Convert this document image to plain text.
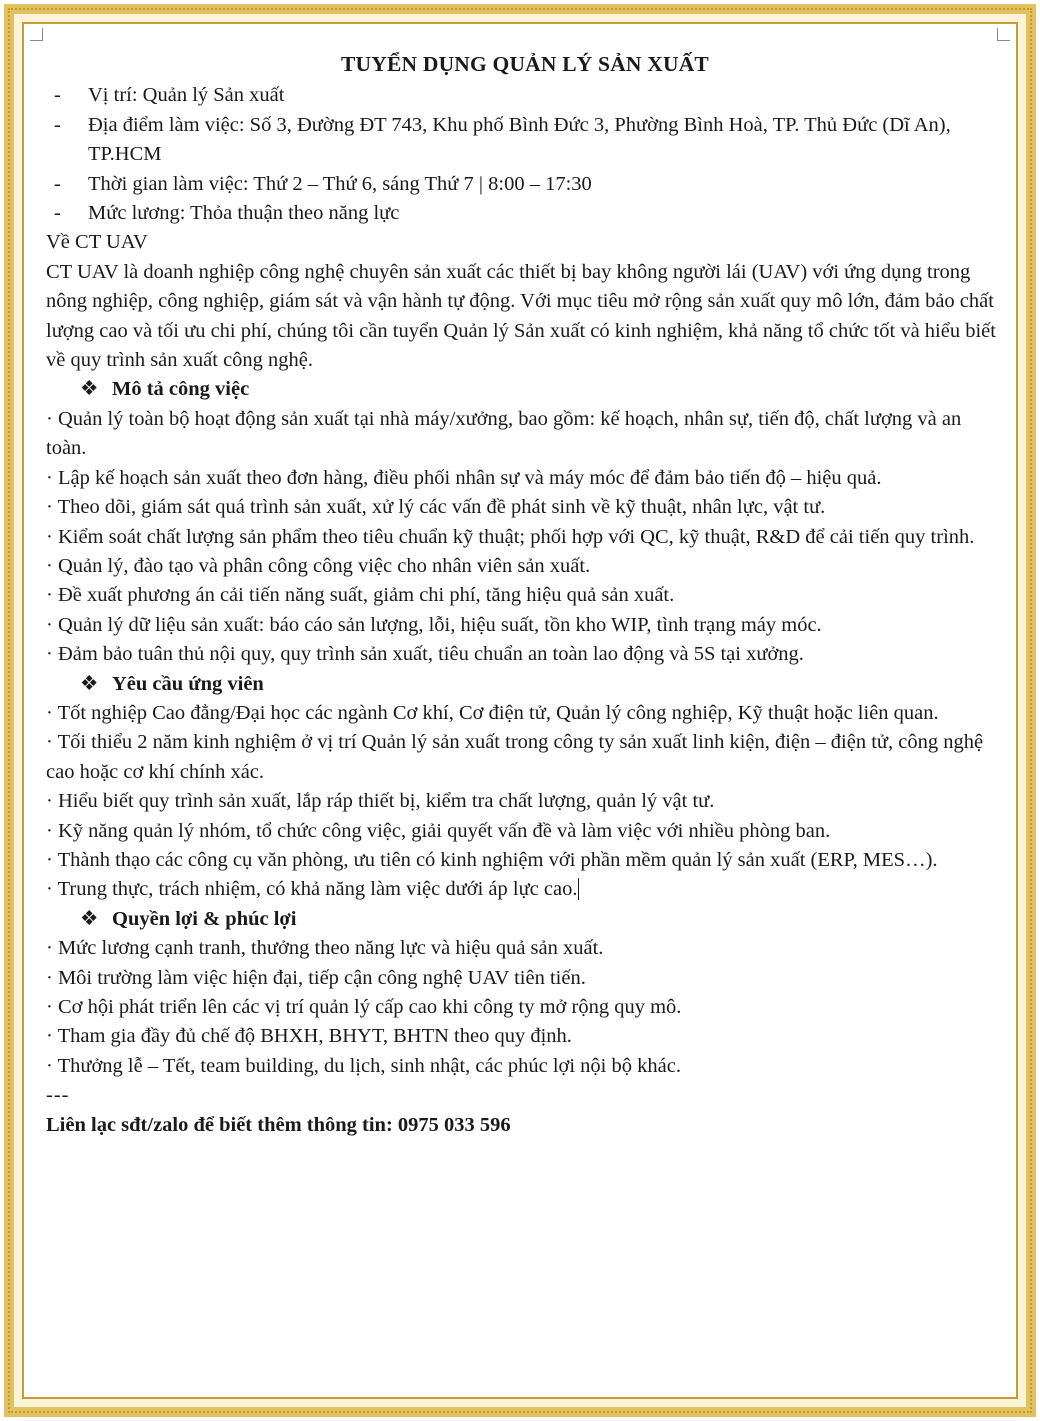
TUYỂN DỤNG QUẢN LÝ SẢN XUẤT

- Vị trí: Quản lý Sản xuất
- Địa điểm làm việc: Số 3, Đường ĐT 743, Khu phố Bình Đức 3, Phường Bình Hoà, TP. Thủ Đức (Dĩ An), TP.HCM
- Thời gian làm việc: Thứ 2 – Thứ 6, sáng Thứ 7 | 8:00 – 17:30
- Mức lương: Thỏa thuận theo năng lực

Về CT UAV

CT UAV là doanh nghiệp công nghệ chuyên sản xuất các thiết bị bay không người lái (UAV) với ứng dụng trong nông nghiệp, công nghiệp, giám sát và vận hành tự động. Với mục tiêu mở rộng sản xuất quy mô lớn, đảm bảo chất lượng cao và tối ưu chi phí, chúng tôi cần tuyển Quản lý Sản xuất có kinh nghiệm, khả năng tổ chức tốt và hiểu biết về quy trình sản xuất công nghệ.

❖ Mô tả công việc

· Quản lý toàn bộ hoạt động sản xuất tại nhà máy/xưởng, bao gồm: kế hoạch, nhân sự, tiến độ, chất lượng và an toàn.

· Lập kế hoạch sản xuất theo đơn hàng, điều phối nhân sự và máy móc để đảm bảo tiến độ – hiệu quả.

· Theo dõi, giám sát quá trình sản xuất, xử lý các vấn đề phát sinh về kỹ thuật, nhân lực, vật tư.

· Kiểm soát chất lượng sản phẩm theo tiêu chuẩn kỹ thuật; phối hợp với QC, kỹ thuật, R&D để cải tiến quy trình.

· Quản lý, đào tạo và phân công công việc cho nhân viên sản xuất.

· Đề xuất phương án cải tiến năng suất, giảm chi phí, tăng hiệu quả sản xuất.

· Quản lý dữ liệu sản xuất: báo cáo sản lượng, lỗi, hiệu suất, tồn kho WIP, tình trạng máy móc.

· Đảm bảo tuân thủ nội quy, quy trình sản xuất, tiêu chuẩn an toàn lao động và 5S tại xưởng.

❖ Yêu cầu ứng viên

· Tốt nghiệp Cao đẳng/Đại học các ngành Cơ khí, Cơ điện tử, Quản lý công nghiệp, Kỹ thuật hoặc liên quan.

· Tối thiểu 2 năm kinh nghiệm ở vị trí Quản lý sản xuất trong công ty sản xuất linh kiện, điện – điện tử, công nghệ cao hoặc cơ khí chính xác.

· Hiểu biết quy trình sản xuất, lắp ráp thiết bị, kiểm tra chất lượng, quản lý vật tư.

· Kỹ năng quản lý nhóm, tổ chức công việc, giải quyết vấn đề và làm việc với nhiều phòng ban.

· Thành thạo các công cụ văn phòng, ưu tiên có kinh nghiệm với phần mềm quản lý sản xuất (ERP, MES…).

· Trung thực, trách nhiệm, có khả năng làm việc dưới áp lực cao.

❖ Quyền lợi & phúc lợi

· Mức lương cạnh tranh, thưởng theo năng lực và hiệu quả sản xuất.

· Môi trường làm việc hiện đại, tiếp cận công nghệ UAV tiên tiến.

· Cơ hội phát triển lên các vị trí quản lý cấp cao khi công ty mở rộng quy mô.

· Tham gia đầy đủ chế độ BHXH, BHYT, BHTN theo quy định.

· Thưởng lễ – Tết, team building, du lịch, sinh nhật, các phúc lợi nội bộ khác.

---

Liên lạc sđt/zalo để biết thêm thông tin: 0975 033 596
